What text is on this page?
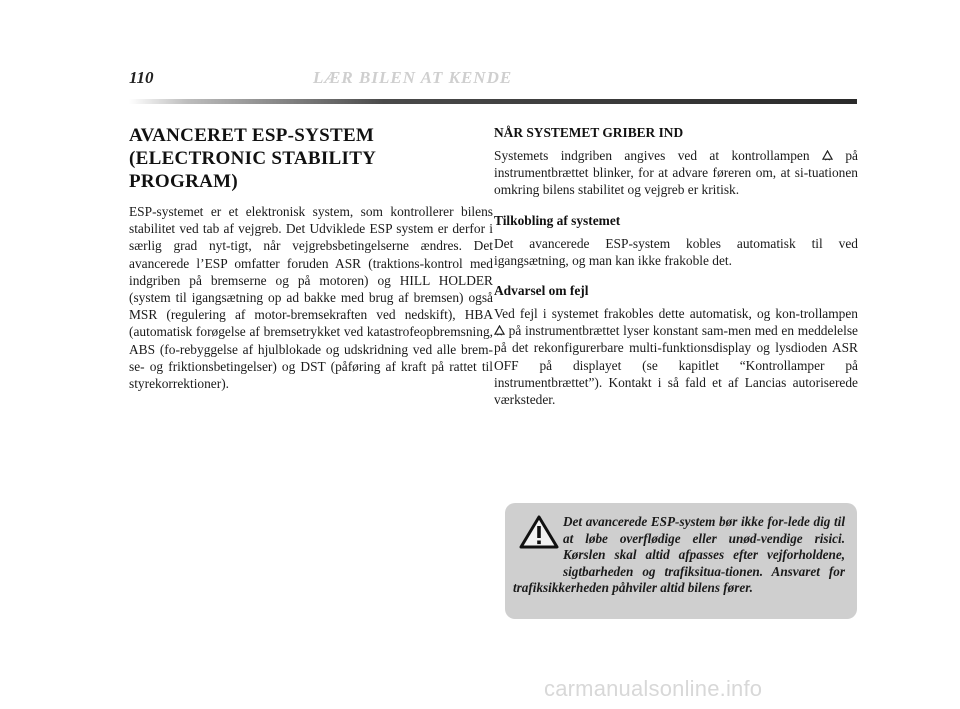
110	LÆR BILEN AT KENDE
AVANCERET ESP-SYSTEM
(ELECTRONIC STABILITY
PROGRAM)

ESP-systemet er et elektronisk system, som kontrollerer bilens stabilitet ved tab af vejgreb. Det Udviklede ESP system er derfor i særlig grad nyt-tigt, når vejgrebsbetingelserne ændres. Det avancerede l’ESP omfatter foruden ASR (traktions-kontrol med indgriben på bremserne og på motoren) og HILL HOLDER (system til igangsætning op ad bakke med brug af bremsen) også MSR (regulering af motor-bremsekraften ved nedskift), HBA (automatisk forøgelse af bremsetrykket ved katastrofeopbremsning, ABS (fo-rebyggelse af hjulblokade og udskridning ved alle brem-se- og friktionsbetingelser) og DST (påføring af kraft på rattet til styrekorrektioner).

NÅR SYSTEMET GRIBER IND

Systemets indgriben angives ved at kontrollampen  på instrumentbrættet blinker, for at advare føreren om, at si-tuationen omkring bilens stabilitet og vejgreb er kritisk.

Tilkobling af systemet

Det avancerede ESP-system kobles automatisk til ved igangsætning, og man kan ikke frakoble det.

Advarsel om fejl

Ved fejl i systemet frakobles dette automatisk, og kon-trollampen  på instrumentbrættet lyser konstant sam-men med en meddelelse på det rekonfigurerbare multi-funktionsdisplay og lysdioden ASR OFF på displayet (se kapitlet “Kontrollamper på instrumentbrættet”). Kontakt i så fald et af Lancias autoriserede værksteder.

Det avancerede ESP-system bør ikke for-lede dig til at løbe overflødige eller unød-vendige risici. Kørslen skal altid afpasses efter vejforholdene, sigtbarheden og trafiksitua-tionen. Ansvaret for trafiksikkerheden påhviler altid bilens fører.

carmanualsonline.info
